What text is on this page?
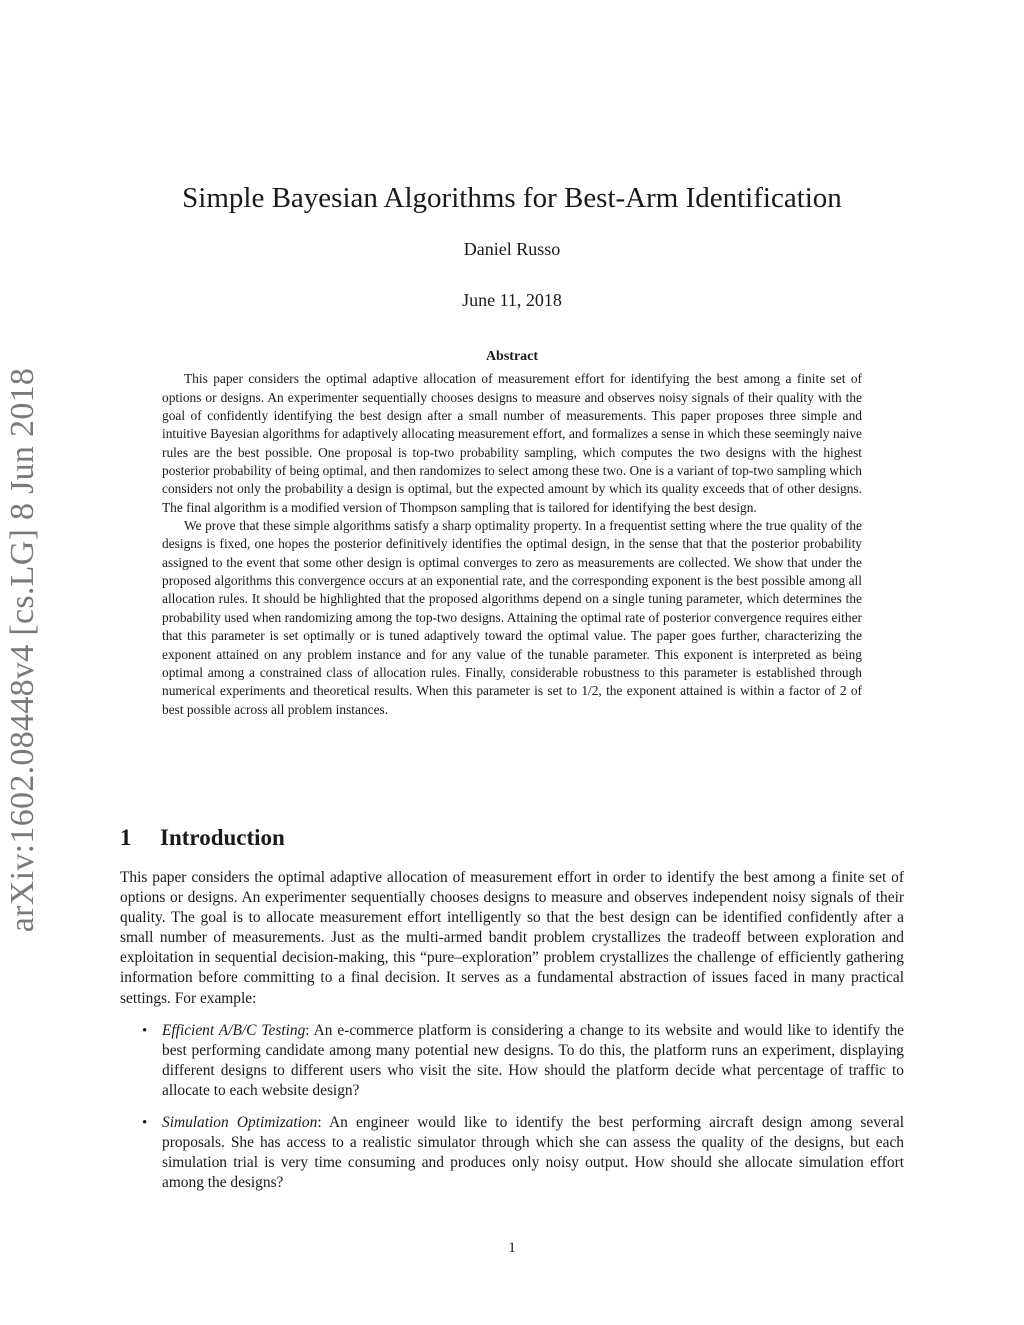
arXiv:1602.08448v4 [cs.LG] 8 Jun 2018
Simple Bayesian Algorithms for Best-Arm Identification
Daniel Russo
June 11, 2018
Abstract

This paper considers the optimal adaptive allocation of measurement effort for identifying the best among a finite set of options or designs. An experimenter sequentially chooses designs to measure and observes noisy signals of their quality with the goal of confidently identifying the best design after a small number of measurements. This paper proposes three simple and intuitive Bayesian algorithms for adaptively allocating measurement effort, and formalizes a sense in which these seemingly naive rules are the best possible. One proposal is top-two probability sampling, which computes the two designs with the highest posterior probability of being optimal, and then randomizes to select among these two. One is a variant of top-two sampling which considers not only the probability a design is optimal, but the expected amount by which its quality exceeds that of other designs. The final algorithm is a modified version of Thompson sampling that is tailored for identifying the best design.

We prove that these simple algorithms satisfy a sharp optimality property. In a frequentist setting where the true quality of the designs is fixed, one hopes the posterior definitively identifies the optimal design, in the sense that that the posterior probability assigned to the event that some other design is optimal converges to zero as measurements are collected. We show that under the proposed algorithms this convergence occurs at an exponential rate, and the corresponding exponent is the best possible among all allocation rules. It should be highlighted that the proposed algorithms depend on a single tuning parameter, which determines the probability used when randomizing among the top-two designs. Attaining the optimal rate of posterior convergence requires either that this parameter is set optimally or is tuned adaptively toward the optimal value. The paper goes further, characterizing the exponent attained on any problem instance and for any value of the tunable parameter. This exponent is interpreted as being optimal among a constrained class of allocation rules. Finally, considerable robustness to this parameter is established through numerical experiments and theoretical results. When this parameter is set to 1/2, the exponent attained is within a factor of 2 of best possible across all problem instances.

1 Introduction

This paper considers the optimal adaptive allocation of measurement effort in order to identify the best among a finite set of options or designs. An experimenter sequentially chooses designs to measure and observes independent noisy signals of their quality. The goal is to allocate measurement effort intelligently so that the best design can be identified confidently after a small number of measurements. Just as the multi-armed bandit problem crystallizes the tradeoff between exploration and exploitation in sequential decision-making, this “pure–exploration” problem crystallizes the challenge of efficiently gathering information before committing to a final decision. It serves as a fundamental abstraction of issues faced in many practical settings. For example:

• Efficient A/B/C Testing: An e-commerce platform is considering a change to its website and would like to identify the best performing candidate among many potential new designs. To do this, the platform runs an experiment, displaying different designs to different users who visit the site. How should the platform decide what percentage of traffic to allocate to each website design?
• Simulation Optimization: An engineer would like to identify the best performing aircraft design among several proposals. She has access to a realistic simulator through which she can assess the quality of the designs, but each simulation trial is very time consuming and produces only noisy output. How should she allocate simulation effort among the designs?
1
